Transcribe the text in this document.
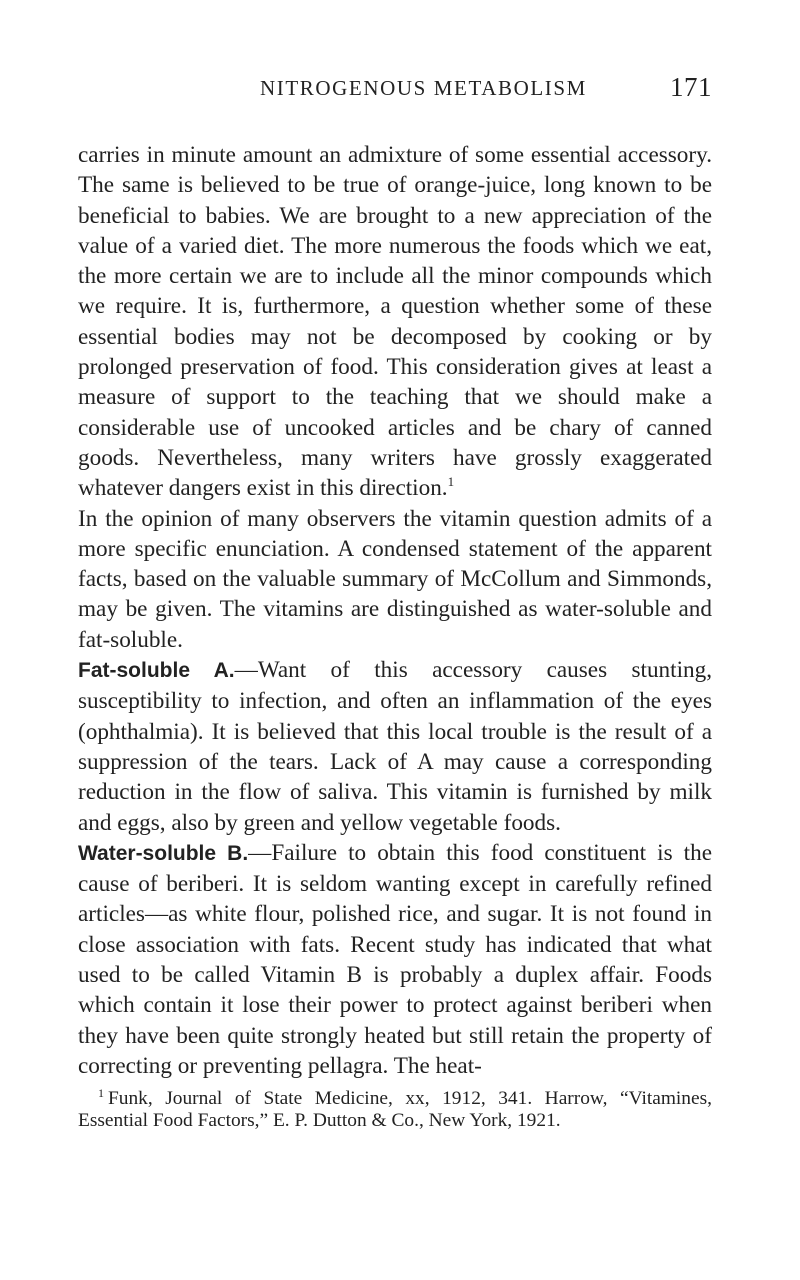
NITROGENOUS METABOLISM	171

carries in minute amount an admixture of some essential accessory. The same is believed to be true of orange-juice, long known to be beneficial to babies. We are brought to a new appreciation of the value of a varied diet. The more numerous the foods which we eat, the more certain we are to include all the minor compounds which we require. It is, furthermore, a question whether some of these essential bodies may not be decomposed by cooking or by prolonged preservation of food. This consideration gives at least a measure of support to the teaching that we should make a considerable use of uncooked articles and be chary of canned goods. Nevertheless, many writers have grossly exaggerated whatever dangers exist in this direction.$^1$

In the opinion of many observers the vitamin question admits of a more specific enunciation. A condensed statement of the apparent facts, based on the valuable summary of McCollum and Simmonds, may be given. The vitamins are distinguished as water-soluble and fat-soluble.

Fat-soluble A.—Want of this accessory causes stunting, susceptibility to infection, and often an inflammation of the eyes (ophthalmia). It is believed that this local trouble is the result of a suppression of the tears. Lack of A may cause a corresponding reduction in the flow of saliva. This vitamin is furnished by milk and eggs, also by green and yellow vegetable foods.

Water-soluble B.—Failure to obtain this food constituent is the cause of beriberi. It is seldom wanting except in carefully refined articles—as white flour, polished rice, and sugar. It is not found in close association with fats. Recent study has indicated that what used to be called Vitamin B is probably a duplex affair. Foods which contain it lose their power to protect against beriberi when they have been quite strongly heated but still retain the property of correcting or preventing pellagra. The heat-

$^1$ Funk, Journal of State Medicine, xx, 1912, 341. Harrow, “Vitamines, Essential Food Factors,” E. P. Dutton & Co., New York, 1921.
